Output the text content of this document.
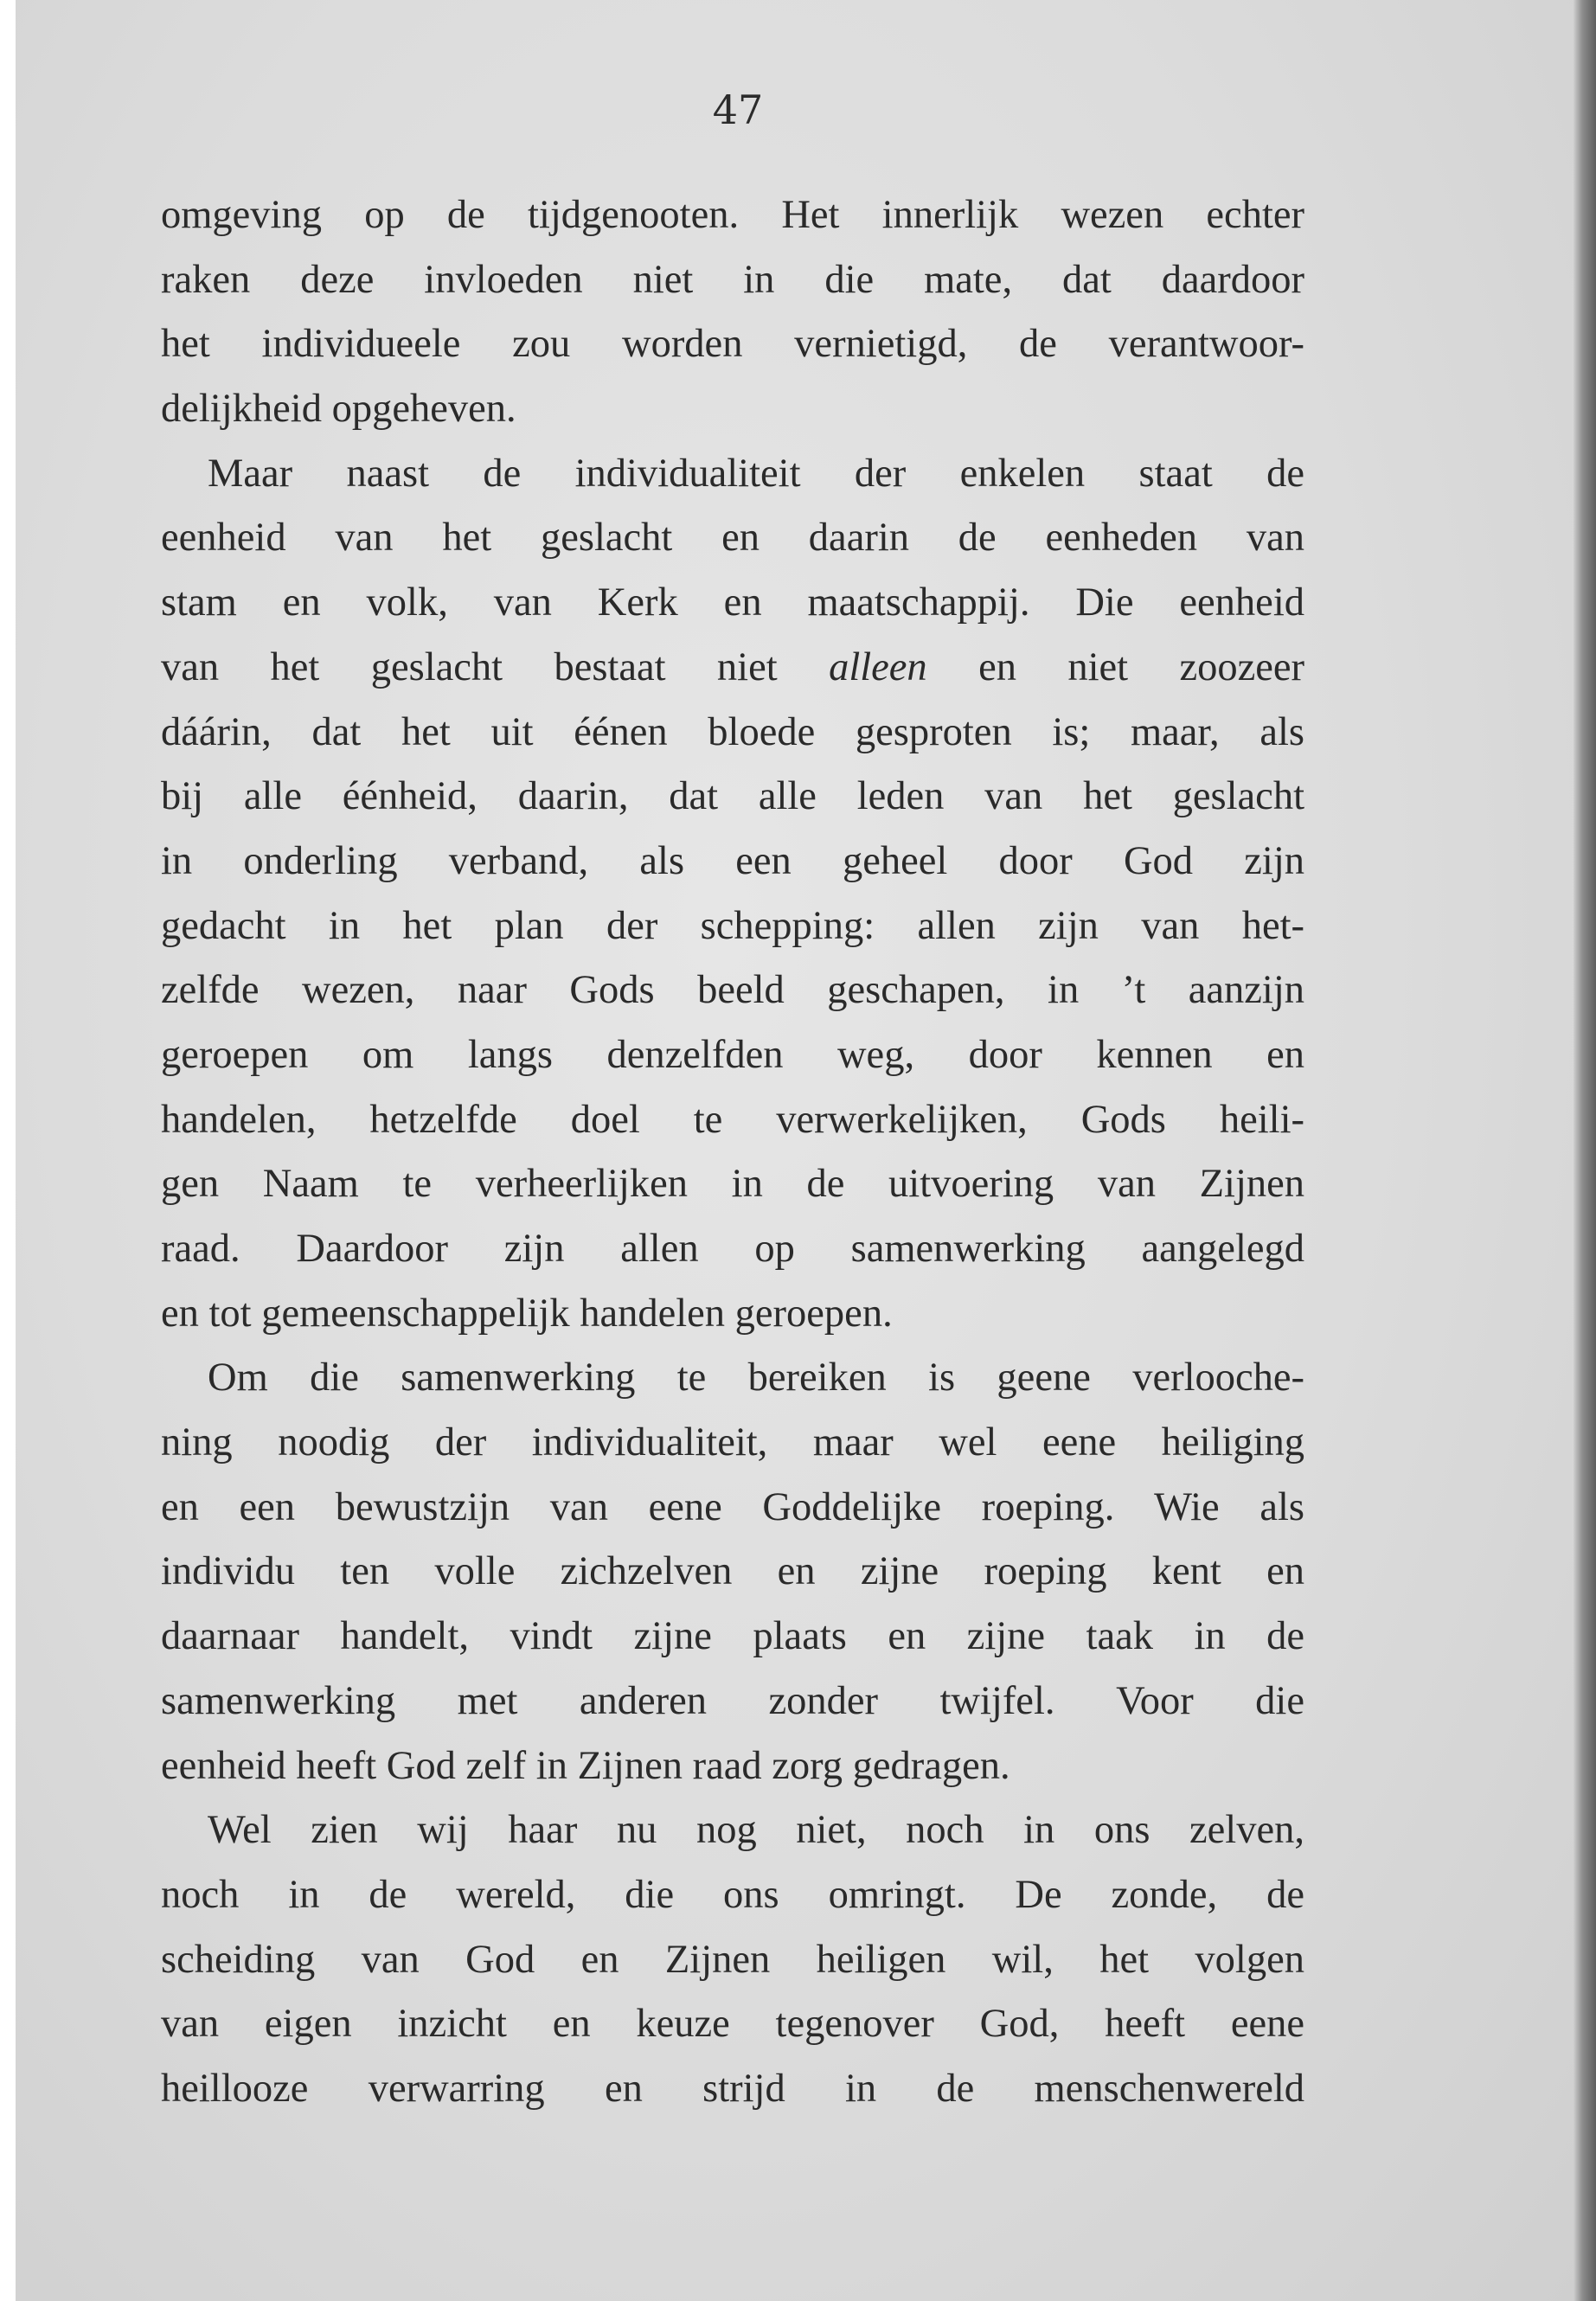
47
omgeving op de tijdgenooten. Het innerlijk wezen echter
raken deze invloeden niet in die mate, dat daardoor
het individueele zou worden vernietigd, de verantwoor-
delijkheid opgeheven.
Maar naast de individualiteit der enkelen staat de
eenheid van het geslacht en daarin de eenheden van
stam en volk, van Kerk en maatschappij. Die eenheid
van het geslacht bestaat niet alleen en niet zoozeer
dáárin, dat het uit éénen bloede gesproten is; maar, als
bij alle éénheid, daarin, dat alle leden van het geslacht
in onderling verband, als een geheel door God zijn
gedacht in het plan der schepping: allen zijn van het-
zelfde wezen, naar Gods beeld geschapen, in ’t aanzijn
geroepen om langs denzelfden weg, door kennen en
handelen, hetzelfde doel te verwerkelijken, Gods heili-
gen Naam te verheerlijken in de uitvoering van Zijnen
raad. Daardoor zijn allen op samenwerking aangelegd
en tot gemeenschappelijk handelen geroepen.
Om die samenwerking te bereiken is geene verlooche-
ning noodig der individualiteit, maar wel eene heiliging
en een bewustzijn van eene Goddelijke roeping. Wie als
individu ten volle zichzelven en zijne roeping kent en
daarnaar handelt, vindt zijne plaats en zijne taak in de
samenwerking met anderen zonder twijfel. Voor die
eenheid heeft God zelf in Zijnen raad zorg gedragen.
Wel zien wij haar nu nog niet, noch in ons zelven,
noch in de wereld, die ons omringt. De zonde, de
scheiding van God en Zijnen heiligen wil, het volgen
van eigen inzicht en keuze tegenover God, heeft eene
heillooze verwarring en strijd in de menschenwereld
